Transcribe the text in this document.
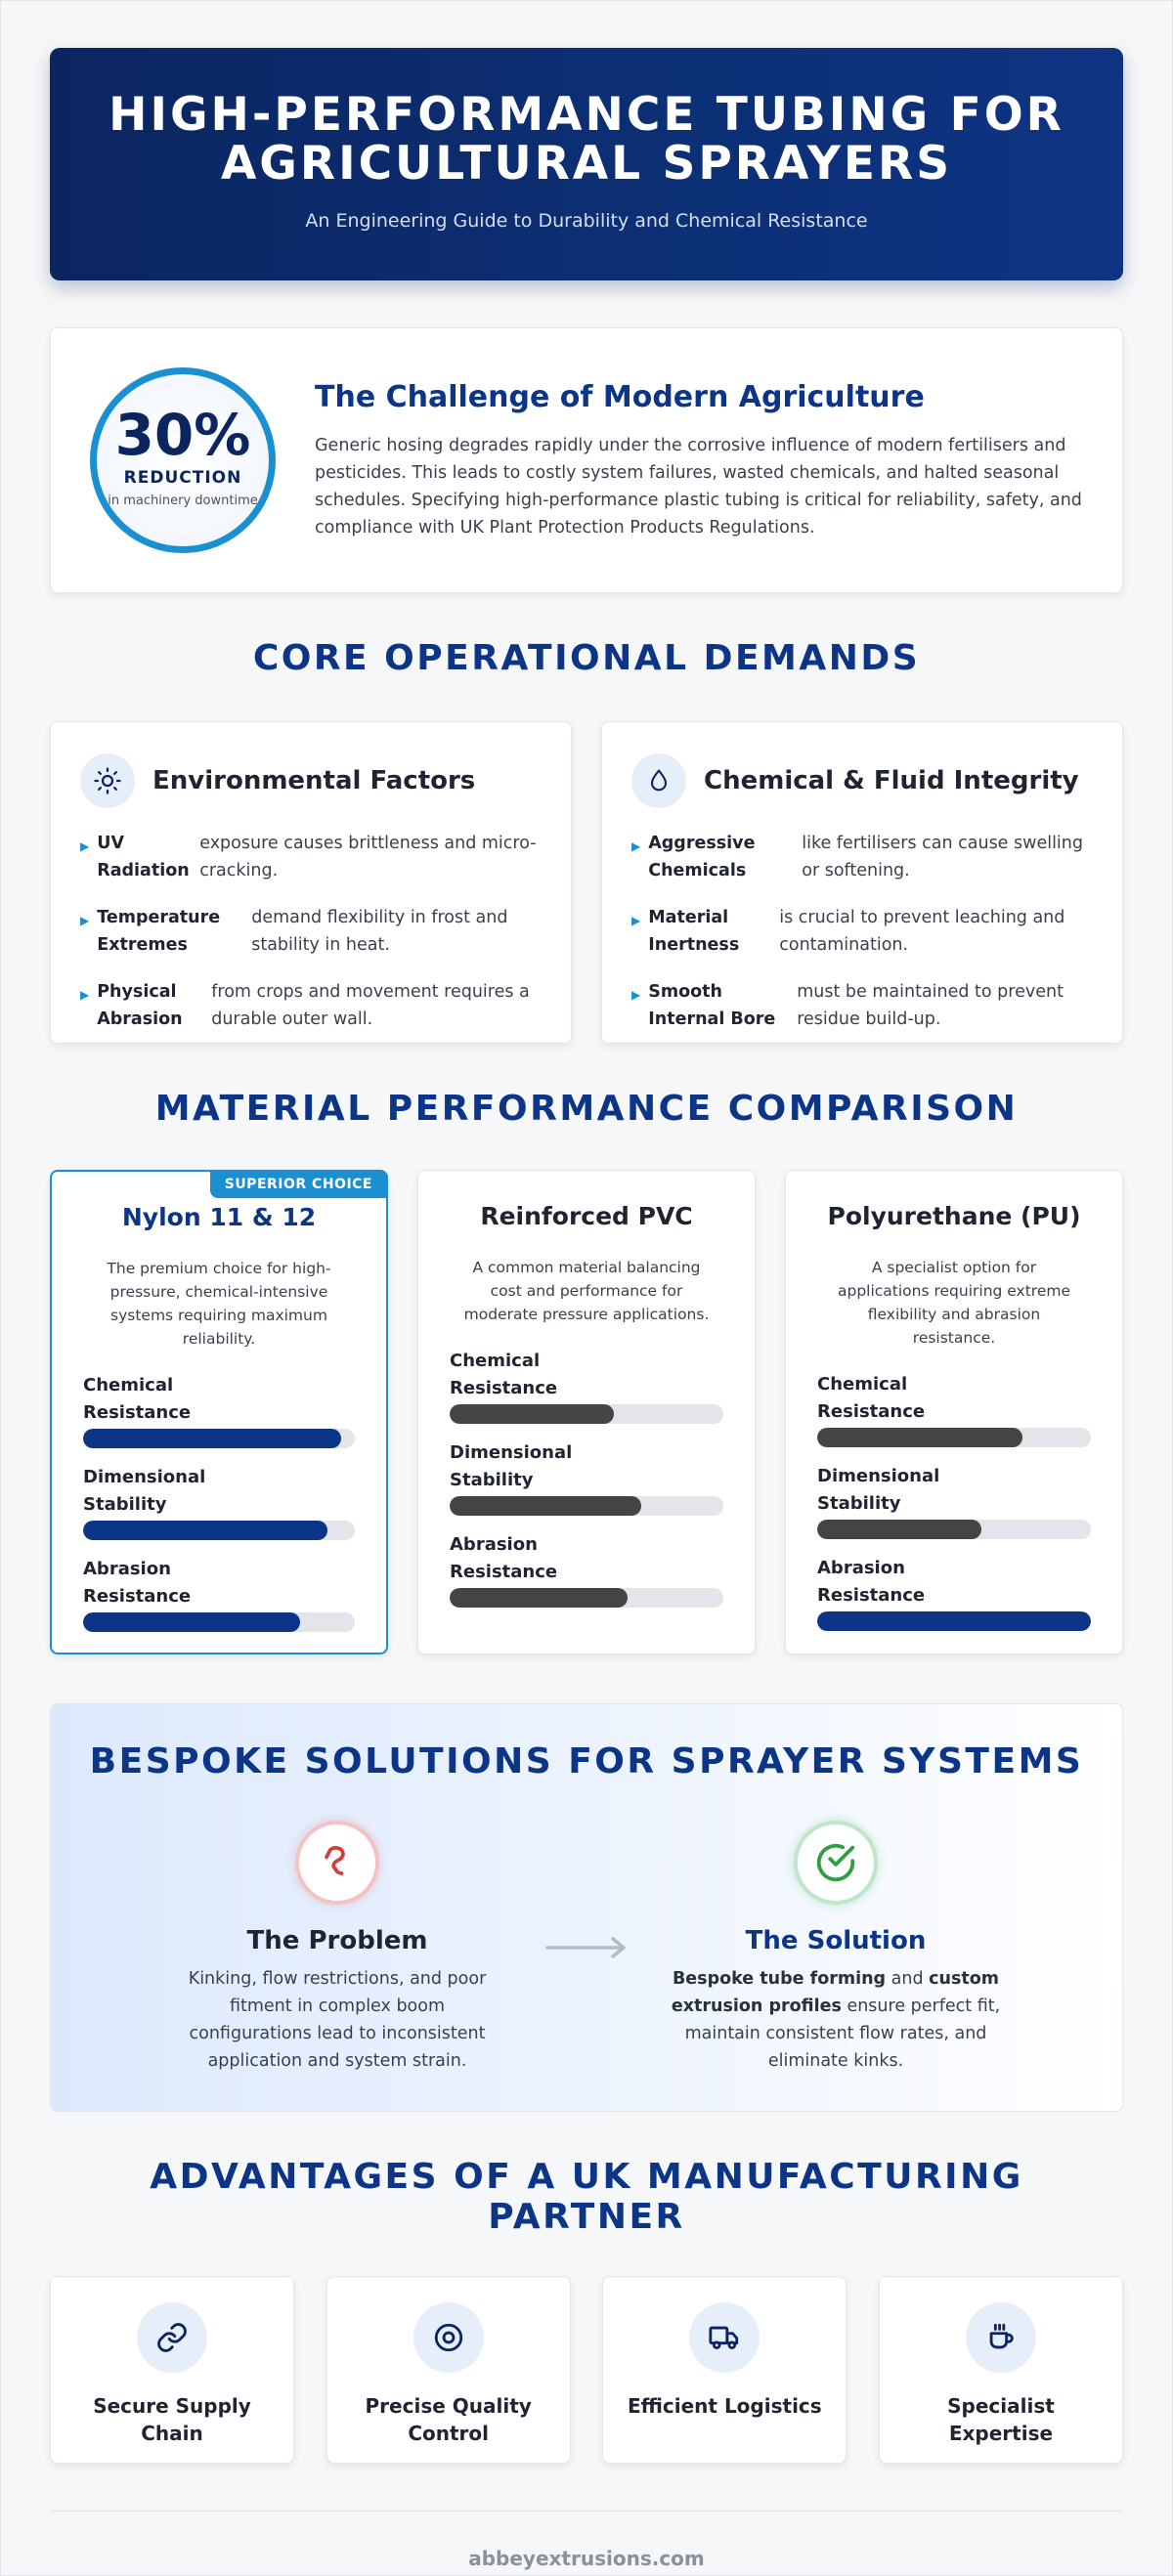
HIGH-PERFORMANCE TUBING FOR AGRICULTURAL SPRAYERS

An Engineering Guide to Durability and Chemical Resistance

30%
REDUCTION
in machinery downtime
The Challenge of Modern Agriculture

Generic hosing degrades rapidly under the corrosive influence of modern fertilisers and pesticides. This leads to costly system failures, wasted chemicals, and halted seasonal schedules. Specifying high-performance plastic tubing is critical for reliability, safety, and compliance with UK Plant Protection Products Regulations.

CORE OPERATIONAL DEMANDS
Environmental Factors
▶ UV Radiation
exposure causes brittleness and micro-cracking.
▶ Temperature Extremes
demand flexibility in frost and stability in heat.
▶ Physical Abrasion
from crops and movement requires a durable outer wall.
Chemical & Fluid Integrity
▶ Aggressive Chemicals
like fertilisers can cause swelling or softening.
▶ Material Inertness
is crucial to prevent leaching and contamination.
▶ Smooth Internal Bore
must be maintained to prevent residue build-up.
MATERIAL PERFORMANCE COMPARISON
SUPERIOR CHOICE
Nylon 11 & 12

The premium choice for high-pressure, chemical-intensive systems requiring maximum reliability.

Chemical Resistance
Dimensional Stability
Abrasion Resistance
Reinforced PVC

A common material balancing cost and performance for moderate pressure applications.

Chemical Resistance
Dimensional Stability
Abrasion Resistance
Polyurethane (PU)

A specialist option for applications requiring extreme flexibility and abrasion resistance.

Chemical Resistance
Dimensional Stability
Abrasion Resistance
BESPOKE SOLUTIONS FOR SPRAYER SYSTEMS
The Problem

Kinking, flow restrictions, and poor fitment in complex boom configurations lead to inconsistent application and system strain.

The Solution

Bespoke tube forming and custom extrusion profiles ensure perfect fit, maintain consistent flow rates, and eliminate kinks.

ADVANTAGES OF A UK MANUFACTURING PARTNER
Secure Supply Chain
Precise Quality Control
Efficient Logistics	Specialist Expertise
abbeyextrusions.com
